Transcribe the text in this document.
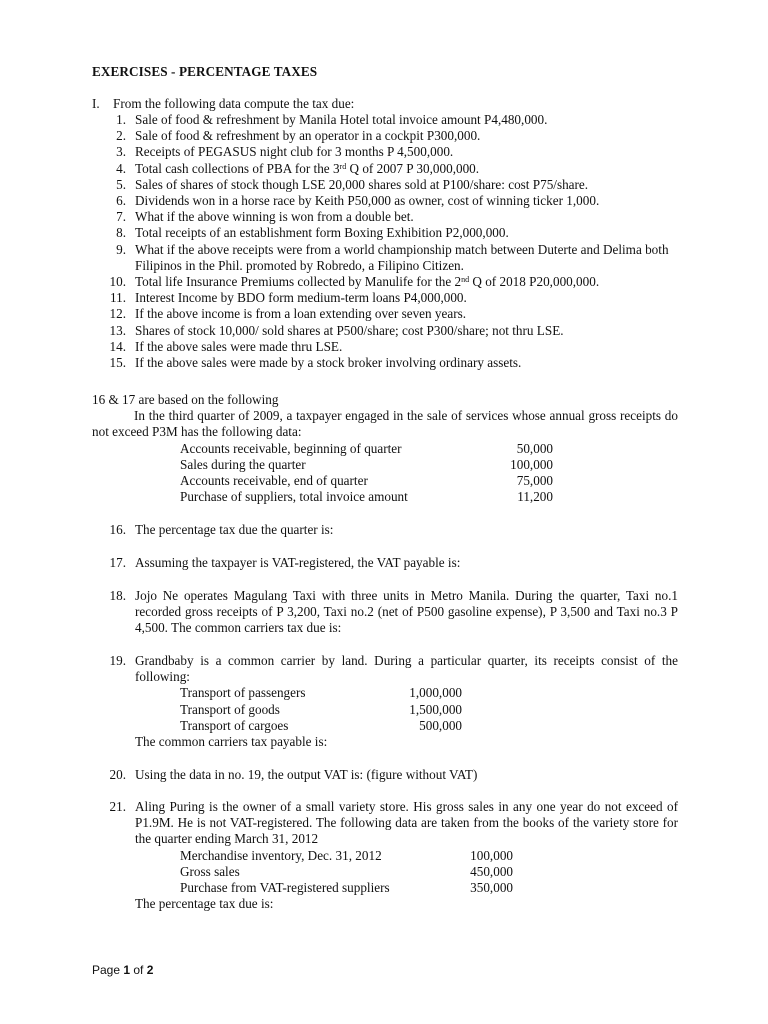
EXERCISES - PERCENTAGE TAXES
I. From the following data compute the tax due:
1. Sale of food & refreshment by Manila Hotel total invoice amount P4,480,000.
2. Sale of food & refreshment by an operator in a cockpit P300,000.
3. Receipts of PEGASUS night club for 3 months P 4,500,000.
4. Total cash collections of PBA for the 3rd Q of 2007 P 30,000,000.
5. Sales of shares of stock though LSE 20,000 shares sold at P100/share: cost P75/share.
6. Dividends won in a horse race by Keith P50,000 as owner, cost of winning ticker 1,000.
7. What if the above winning is won from a double bet.
8. Total receipts of an establishment form Boxing Exhibition P2,000,000.
9. What if the above receipts were from a world championship match between Duterte and Delima both Filipinos in the Phil. promoted by Robredo, a Filipino Citizen.
10. Total life Insurance Premiums collected by Manulife for the 2nd Q of 2018 P20,000,000.
11. Interest Income by BDO form medium-term loans P4,000,000.
12. If the above income is from a loan extending over seven years.
13. Shares of stock 10,000/ sold shares at P500/share; cost P300/share; not thru LSE.
14. If the above sales were made thru LSE.
15. If the above sales were made by a stock broker involving ordinary assets.
16 & 17 are based on the following
In the third quarter of 2009, a taxpayer engaged in the sale of services whose annual gross receipts do not exceed P3M has the following data:
Accounts receivable, beginning of quarter	50,000
Sales during the quarter	100,000
Accounts receivable, end of quarter	75,000
Purchase of suppliers, total invoice amount	11,200
16. The percentage tax due the quarter is:
17. Assuming the taxpayer is VAT-registered, the VAT payable is:
18. Jojo Ne operates Magulang Taxi with three units in Metro Manila. During the quarter, Taxi no.1 recorded gross receipts of P 3,200, Taxi no.2 (net of P500 gasoline expense), P 3,500 and Taxi no.3 P 4,500. The common carriers tax due is:
19. Grandbaby is a common carrier by land. During a particular quarter, its receipts consist of the following:
Transport of passengers	1,000,000
Transport of goods	1,500,000
Transport of cargoes	500,000
The common carriers tax payable is:
20. Using the data in no. 19, the output VAT is: (figure without VAT)
21. Aling Puring is the owner of a small variety store. His gross sales in any one year do not exceed of P1.9M. He is not VAT-registered. The following data are taken from the books of the variety store for the quarter ending March 31, 2012
Merchandise inventory, Dec. 31, 2012	100,000
Gross sales	450,000
Purchase from VAT-registered suppliers	350,000
The percentage tax due is:
Page 1 of 2
